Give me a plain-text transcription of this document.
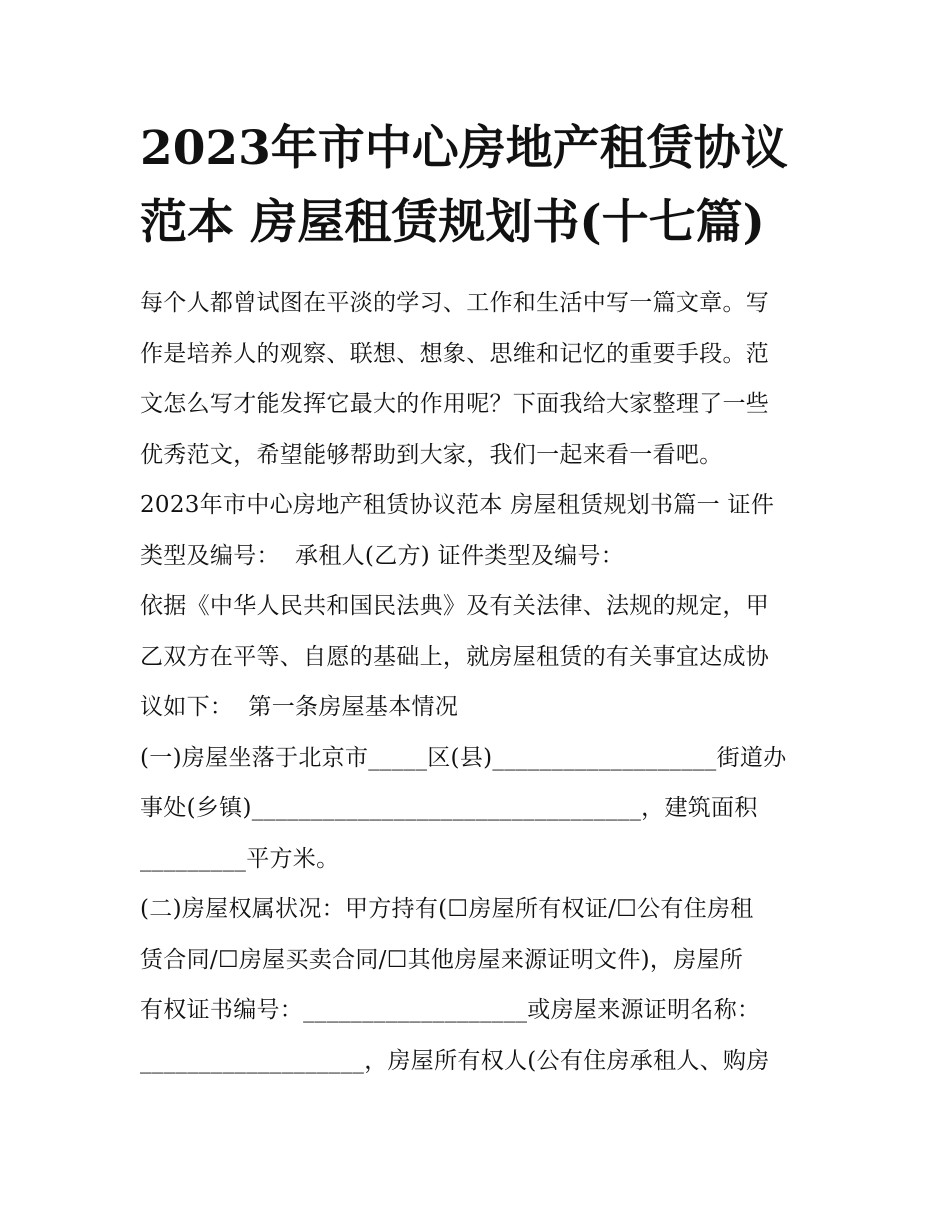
2023年市中心房地产租赁协议
范本 房屋租赁规划书(十七篇)
每个人都曾试图在平淡的学习、工作和生活中写一篇文章。写
作是培养人的观察、联想、想象、思维和记忆的重要手段。范
文怎么写才能发挥它最大的作用呢？下面我给大家整理了一些
优秀范文，希望能够帮助到大家，我们一起来看一看吧。
2023年市中心房地产租赁协议范本 房屋租赁规划书篇一 证件
类型及编号：  承租人(乙方) 证件类型及编号：
依据《中华人民共和国民法典》及有关法律、法规的规定，甲
乙双方在平等、自愿的基础上，就房屋租赁的有关事宜达成协
议如下：  第一条房屋基本情况
(一)房屋坐落于北京市_____区(县)___________________街道办
事处(乡镇)_________________________________，建筑面积
_________平方米。
(二)房屋权属状况：甲方持有(☐房屋所有权证/☐公有住房租
赁合同/☐房屋买卖合同/☐其他房屋来源证明文件)，房屋所
有权证书编号：___________________或房屋来源证明名称：
___________________，房屋所有权人(公有住房承租人、购房
